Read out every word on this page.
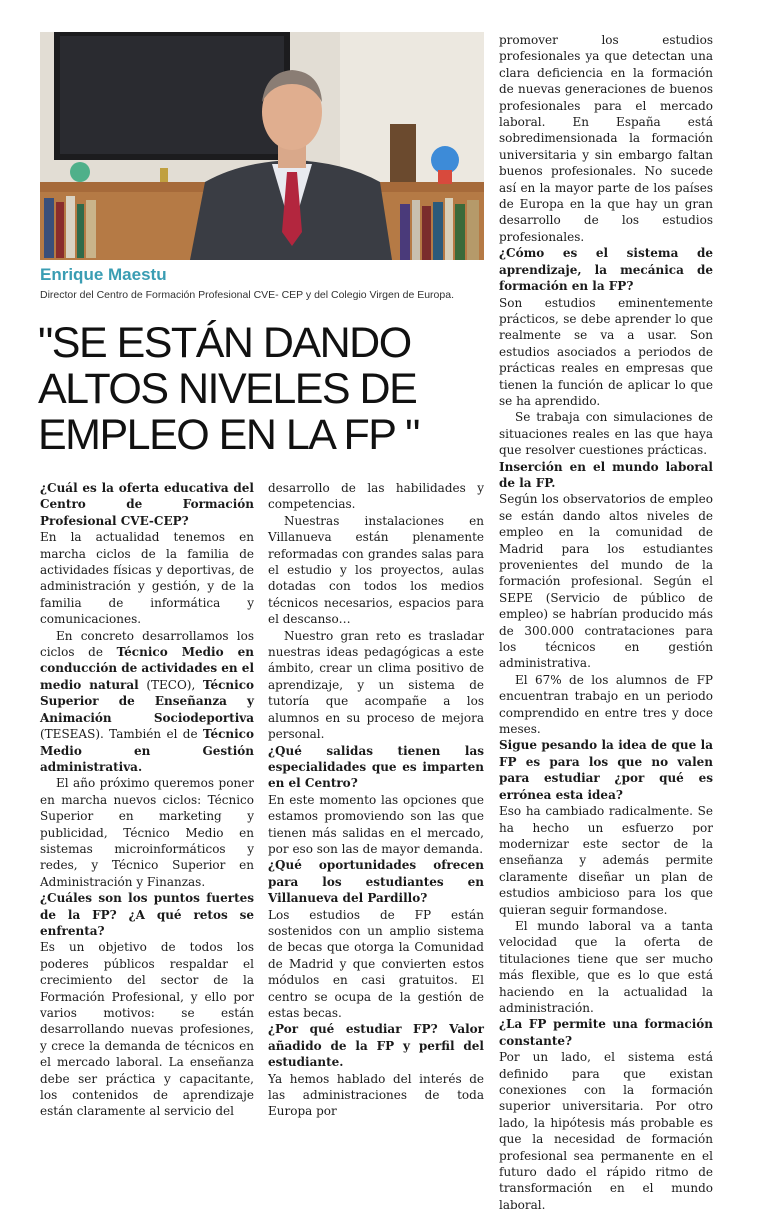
Enrique Maestu
Director del Centro de Formación Profesional CVE- CEP y del Colegio Virgen de Europa.
"SE ESTÁN DANDO
ALTOS NIVELES DE
EMPLEO EN LA FP "

¿Cuál es la oferta educativa del Centro de Formación Profesional CVE-CEP?

En la actualidad tenemos en marcha ciclos de la familia de actividades físicas y deportivas, de administración y gestión, y de la familia de informática y comunicaciones.

En concreto desarrollamos los ciclos de Técnico Medio en conducción de actividades en el medio natural (TECO), Técnico Superior de Enseñanza y Animación Sociodeportiva (TESEAS). También el de Técnico Medio en Gestión administrativa.

El año próximo queremos poner en marcha nuevos ciclos: Técnico Superior en marketing y publicidad, Técnico Medio en sistemas microinformáticos y redes, y Técnico Superior en Administración y Finanzas.

¿Cuáles son los puntos fuertes de la FP? ¿A qué retos se enfrenta?

Es un objetivo de todos los poderes públicos respaldar el crecimiento del sector de la Formación Profesional, y ello por varios motivos: se están desarrollando nuevas profesiones, y crece la demanda de técnicos en el mercado laboral. La enseñanza debe ser práctica y capacitante, los contenidos de aprendizaje están claramente al servicio del

desarrollo de las habilidades y competencias.

Nuestras instalaciones en Villanueva están plenamente reformadas con grandes salas para el estudio y los proyectos, aulas dotadas con todos los medios técnicos necesarios, espacios para el descanso…

Nuestro gran reto es trasladar nuestras ideas pedagógicas a este ámbito, crear un clima positivo de aprendizaje, y un sistema de tutoría que acompañe a los alumnos en su proceso de mejora personal.

¿Qué salidas tienen las especialidades que es imparten en el Centro?

En este momento las opciones que estamos promoviendo son las que tienen más salidas en el mercado, por eso son las de mayor demanda.

¿Qué oportunidades ofrecen para los estudiantes en Villanueva del Pardillo?

Los estudios de FP están sostenidos con un amplio sistema de becas que otorga la Comunidad de Madrid y que convierten estos módulos en casi gratuitos. El centro se ocupa de la gestión de estas becas.

¿Por qué estudiar FP? Valor añadido de la FP y perfil del estudiante.

Ya hemos hablado del interés de las administraciones de toda Europa por

promover los estudios profesionales ya que detectan una clara deficiencia en la formación de nuevas generaciones de buenos profesionales para el mercado laboral. En España está sobredimensionada la formación universitaria y sin embargo faltan buenos profesionales. No sucede así en la mayor parte de los países de Europa en la que hay un gran desarrollo de los estudios profesionales.

¿Cómo es el sistema de aprendizaje, la mecánica de formación en la FP?

Son estudios eminentemente prácticos, se debe aprender lo que realmente se va a usar. Son estudios asociados a periodos de prácticas reales en empresas que tienen la función de aplicar lo que se ha aprendido.

Se trabaja con simulaciones de situaciones reales en las que haya que resolver cuestiones prácticas.

Inserción en el mundo laboral de la FP.

Según los observatorios de empleo se están dando altos niveles de empleo en la comunidad de Madrid para los estudiantes provenientes del mundo de la formación profesional. Según el SEPE (Servicio de público de empleo) se habrían producido más de 300.000 contrataciones para los técnicos en gestión administrativa.

El 67% de los alumnos de FP encuentran trabajo en un periodo comprendido en entre tres y doce meses.

Sigue pesando la idea de que la FP es para los que no valen para estudiar ¿por qué es errónea esta idea?

Eso ha cambiado radicalmente. Se ha hecho un esfuerzo por modernizar este sector de la enseñanza y además permite claramente diseñar un plan de estudios ambicioso para los que quieran seguir formandose.

El mundo laboral va a tanta velocidad que la oferta de titulaciones tiene que ser mucho más flexible, que es lo que está haciendo en la actualidad la administración.

¿La FP permite una formación constante?

Por un lado, el sistema está definido para que existan conexiones con la formación superior universitaria. Por otro lado, la hipótesis más probable es que la necesidad de formación profesional sea permanente en el futuro dado el rápido ritmo de transformación en el mundo laboral.
